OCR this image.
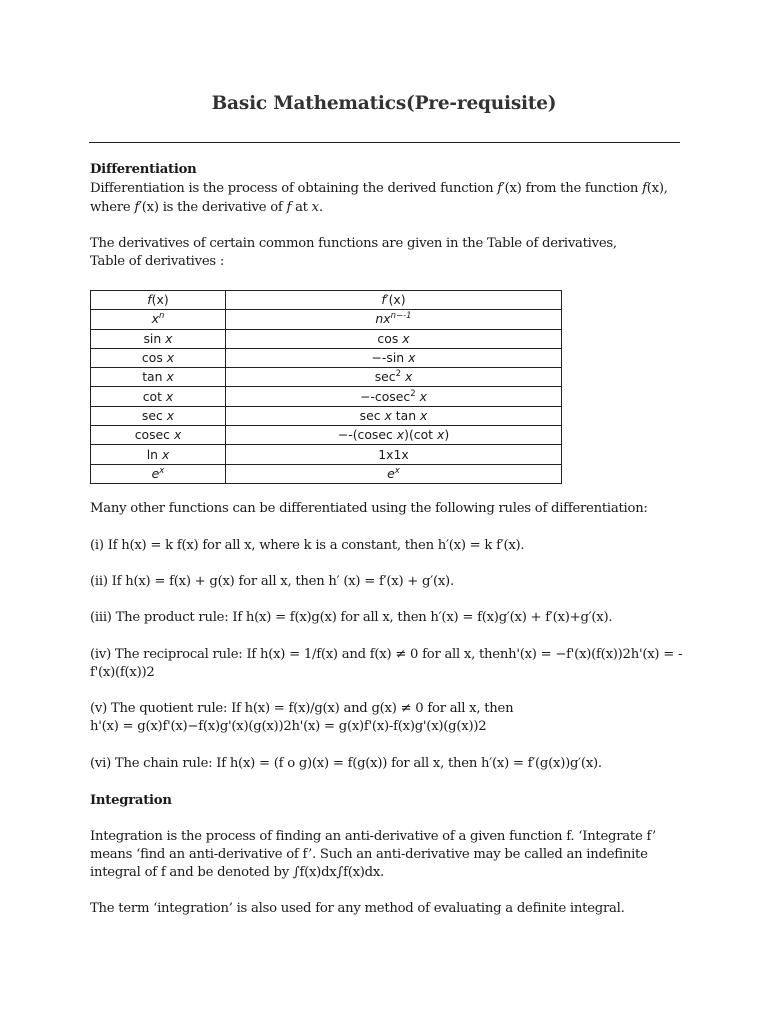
Basic Mathematics(Pre-requisite)
Differentiation
Differentiation is the process of obtaining the derived function f′(x) from the function f(x),
where f′(x) is the derivative of f at x.
The derivatives of certain common functions are given in the Table of derivatives,
Table of derivatives :
f(x)	f′(x)
$x^n$	$nx^{n--1}$
sin x	cos x
cos x	−-sin x
tan x	$\sec^2 x$
cot x	−-cosec$^2$ x
sec x	sec x tan x
cosec x	−-(cosec x)(cot x)
ln x	1x1x
$e^x$	$e^x$
Many other functions can be differentiated using the following rules of differentiation:
(i) If h(x) = k f(x) for all x, where k is a constant, then h′(x) = k f′(x).
(ii) If h(x) = f(x) + g(x) for all x, then h′ (x) = f′(x) + g′(x).
(iii) The product rule: If h(x) = f(x)g(x) for all x, then h′(x) = f(x)g′(x) + f′(x)+g′(x).
(iv) The reciprocal rule: If h(x) = 1/f(x) and f(x) ≠ 0 for all x, thenh'(x) = −f'(x)(f(x))2h'(x) = -
f'(x)(f(x))2
(v) The quotient rule: If h(x) = f(x)/g(x) and g(x) ≠ 0 for all x, then
h'(x) = g(x)f'(x)−f(x)g'(x)(g(x))2h'(x) = g(x)f'(x)-f(x)g'(x)(g(x))2
(vi) The chain rule: If h(x) = (f o g)(x) = f(g(x)) for all x, then h′(x) = f′(g(x))g′(x).
Integration
Integration is the process of finding an anti-derivative of a given function f. ‘Integrate f’
means ‘find an anti-derivative of f’. Such an anti-derivative may be called an indefinite
integral of f and be denoted by ∫f(x)dx∫f(x)dx.
The term ‘integration’ is also used for any method of evaluating a definite integral.
